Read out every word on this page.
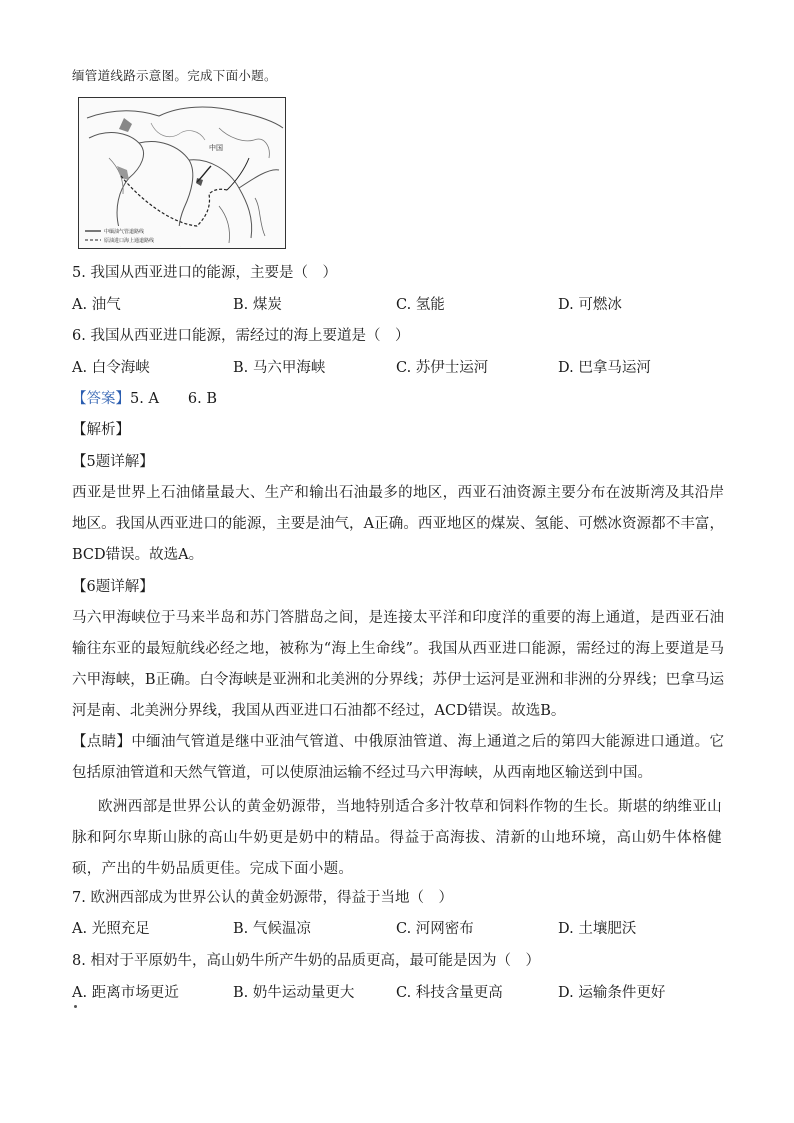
缅管道线路示意图。完成下面小题。
中国
中缅油气管道路线
原油进口海上通道路线
5. 我国从西亚进口的能源，主要是（　）
A. 油气	B. 煤炭	C. 氢能	D. 可燃冰
6. 我国从西亚进口能源，需经过的海上要道是（　）
A. 白令海峡	B. 马六甲海峡	C. 苏伊士运河	D. 巴拿马运河
【答案】5. A　　6. B
【解析】
【5题详解】
西亚是世界上石油储量最大、生产和输出石油最多的地区，西亚石油资源主要分布在波斯湾及其沿岸地区。我国从西亚进口的能源，主要是油气，A正确。西亚地区的煤炭、氢能、可燃冰资源都不丰富，BCD错误。故选A。
【6题详解】
马六甲海峡位于马来半岛和苏门答腊岛之间，是连接太平洋和印度洋的重要的海上通道，是西亚石油输往东亚的最短航线必经之地，被称为“海上生命线”。我国从西亚进口能源，需经过的海上要道是马六甲海峡，B正确。白令海峡是亚洲和北美洲的分界线；苏伊士运河是亚洲和非洲的分界线；巴拿马运河是南、北美洲分界线，我国从西亚进口石油都不经过，ACD错误。故选B。
【点睛】中缅油气管道是继中亚油气管道、中俄原油管道、海上通道之后的第四大能源进口通道。它包括原油管道和天然气管道，可以使原油运输不经过马六甲海峡，从西南地区输送到中国。
欧洲西部是世界公认的黄金奶源带，当地特别适合多汁牧草和饲料作物的生长。斯堪的纳维亚山脉和阿尔卑斯山脉的高山牛奶更是奶中的精品。得益于高海拔、清新的山地环境，高山奶牛体格健硕，产出的牛奶品质更佳。完成下面小题。
7. 欧洲西部成为世界公认的黄金奶源带，得益于当地（　）
A. 光照充足	B. 气候温凉	C. 河网密布	D. 土壤肥沃
8. 相对于平原奶牛，高山奶牛所产牛奶的品质更高，最可能是因为（　）
A. 距离市场更近	B. 奶牛运动量更大	C. 科技含量更高	D. 运输条件更好
